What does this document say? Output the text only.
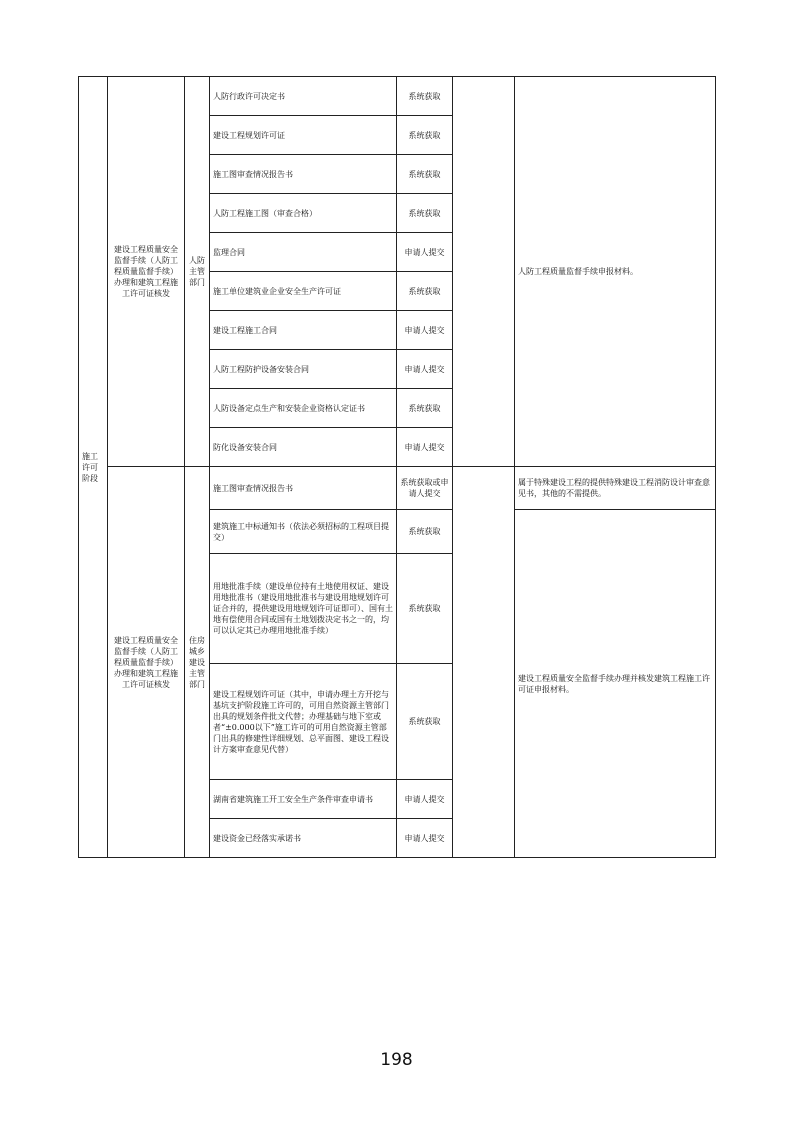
施工许可阶段	建设工程质量安全监督手续（人防工程质量监督手续）办理和建筑工程施工许可证核发	人防主管部门	人防行政许可决定书	系统获取		人防工程质量监督手续申报材料。
			建设工程规划许可证	系统获取		
			施工图审查情况报告书	系统获取		
			人防工程施工图（审查合格）	系统获取		
			监理合同	申请人提交		
			施工单位建筑业企业安全生产许可证	系统获取		
			建设工程施工合同	申请人提交		
			人防工程防护设备安装合同	申请人提交		
			人防设备定点生产和安装企业资格认定证书	系统获取		
			防化设备安装合同	申请人提交		
	建设工程质量安全监督手续（人防工程质量监督手续）办理和建筑工程施工许可证核发	住房城乡建设主管部门	施工图审查情况报告书	系统获取或申请人提交		属于特殊建设工程的提供特殊建设工程消防设计审查意见书，其他的不需提供。
			建筑施工中标通知书（依法必须招标的工程项目提交）	系统获取		建设工程质量安全监督手续办理并核发建筑工程施工许可证申报材料。
			用地批准手续（建设单位持有土地使用权证、建设用地批准书（建设用地批准书与建设用地规划许可证合并的，提供建设用地规划许可证即可）、国有土地有偿使用合同或国有土地划拨决定书之一的，均可以认定其已办理用地批准手续）	系统获取		
			建设工程规划许可证（其中，申请办理土方开挖与基坑支护阶段施工许可的，可用自然资源主管部门出具的规划条件批文代替；办理基础与地下室或者“±0.000以下”施工许可的可用自然资源主管部门出具的修建性详细规划、总平面图、建设工程设计方案审查意见代替）	系统获取		
			湖南省建筑施工开工安全生产条件审查申请书	申请人提交		
			建设资金已经落实承诺书	申请人提交		
198
